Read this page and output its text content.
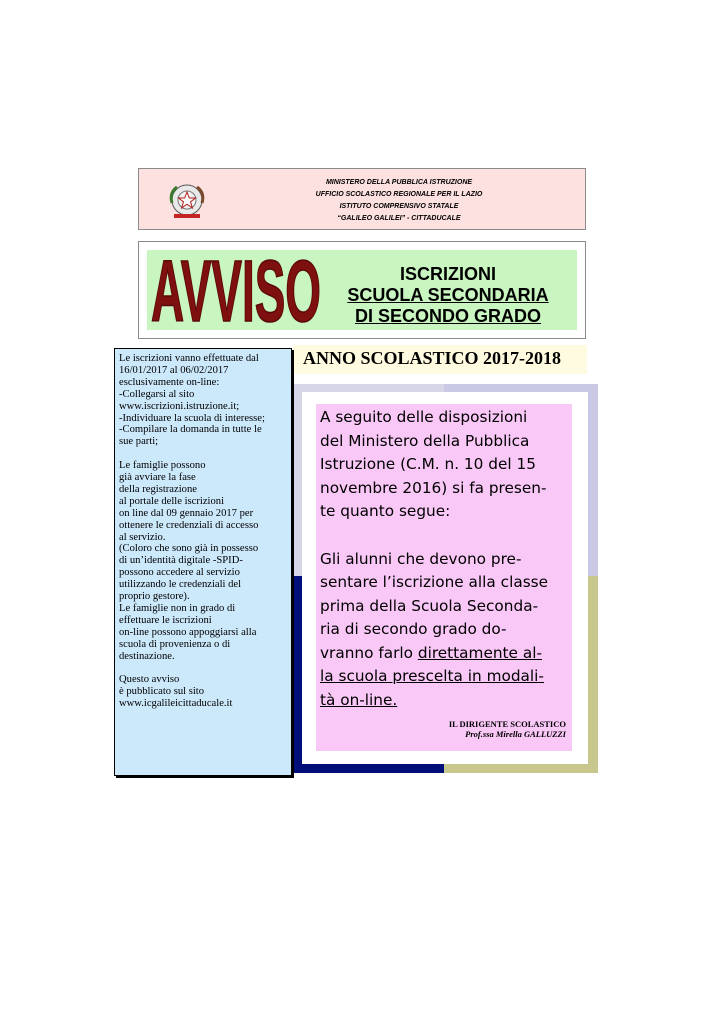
MINISTERO DELLA PUBBLICA ISTRUZIONE
UFFICIO SCOLASTICO REGIONALE PER IL LAZIO
ISTITUTO COMPRENSIVO STATALE
“GALILEO GALILEI” - CITTADUCALE
AVVISO	ISCRIZIONI
SCUOLA SECONDARIA
DI SECONDO GRADO
ANNO SCOLASTICO 2017-2018
Le iscrizioni vanno effettuate dal
16/01/2017 al 06/02/2017
esclusivamente on-line:
-Collegarsi al sito
www.iscrizioni.istruzione.it;
-Individuare la scuola di interesse;
-Compilare la domanda in tutte le
sue parti;
Le famiglie possono
già avviare la fase
della registrazione
al portale delle iscrizioni
on line dal 09 gennaio 2017 per
ottenere le credenziali di accesso
al servizio.
(Coloro che sono già in possesso
di un’identità digitale -SPID-
possono accedere al servizio
utilizzando le credenziali del
proprio gestore).
Le famiglie non in grado di
effettuare le iscrizioni
on-line possono appoggiarsi alla
scuola di provenienza o di
destinazione.
Questo avviso
è pubblicato sul sito
www.icgalileicittaducale.it
A seguito delle disposizioni
del Ministero della Pubblica
Istruzione (C.M. n. 10 del 15
novembre 2016) si fa presen-
te quanto segue:
Gli alunni che devono pre-
sentare l’iscrizione alla classe
prima della Scuola Seconda-
ria di secondo grado do-
vranno farlo direttamente al-
la scuola prescelta in modali-
tà on-line.
IL DIRIGENTE SCOLASTICO
Prof.ssa Mirella GALLUZZI
